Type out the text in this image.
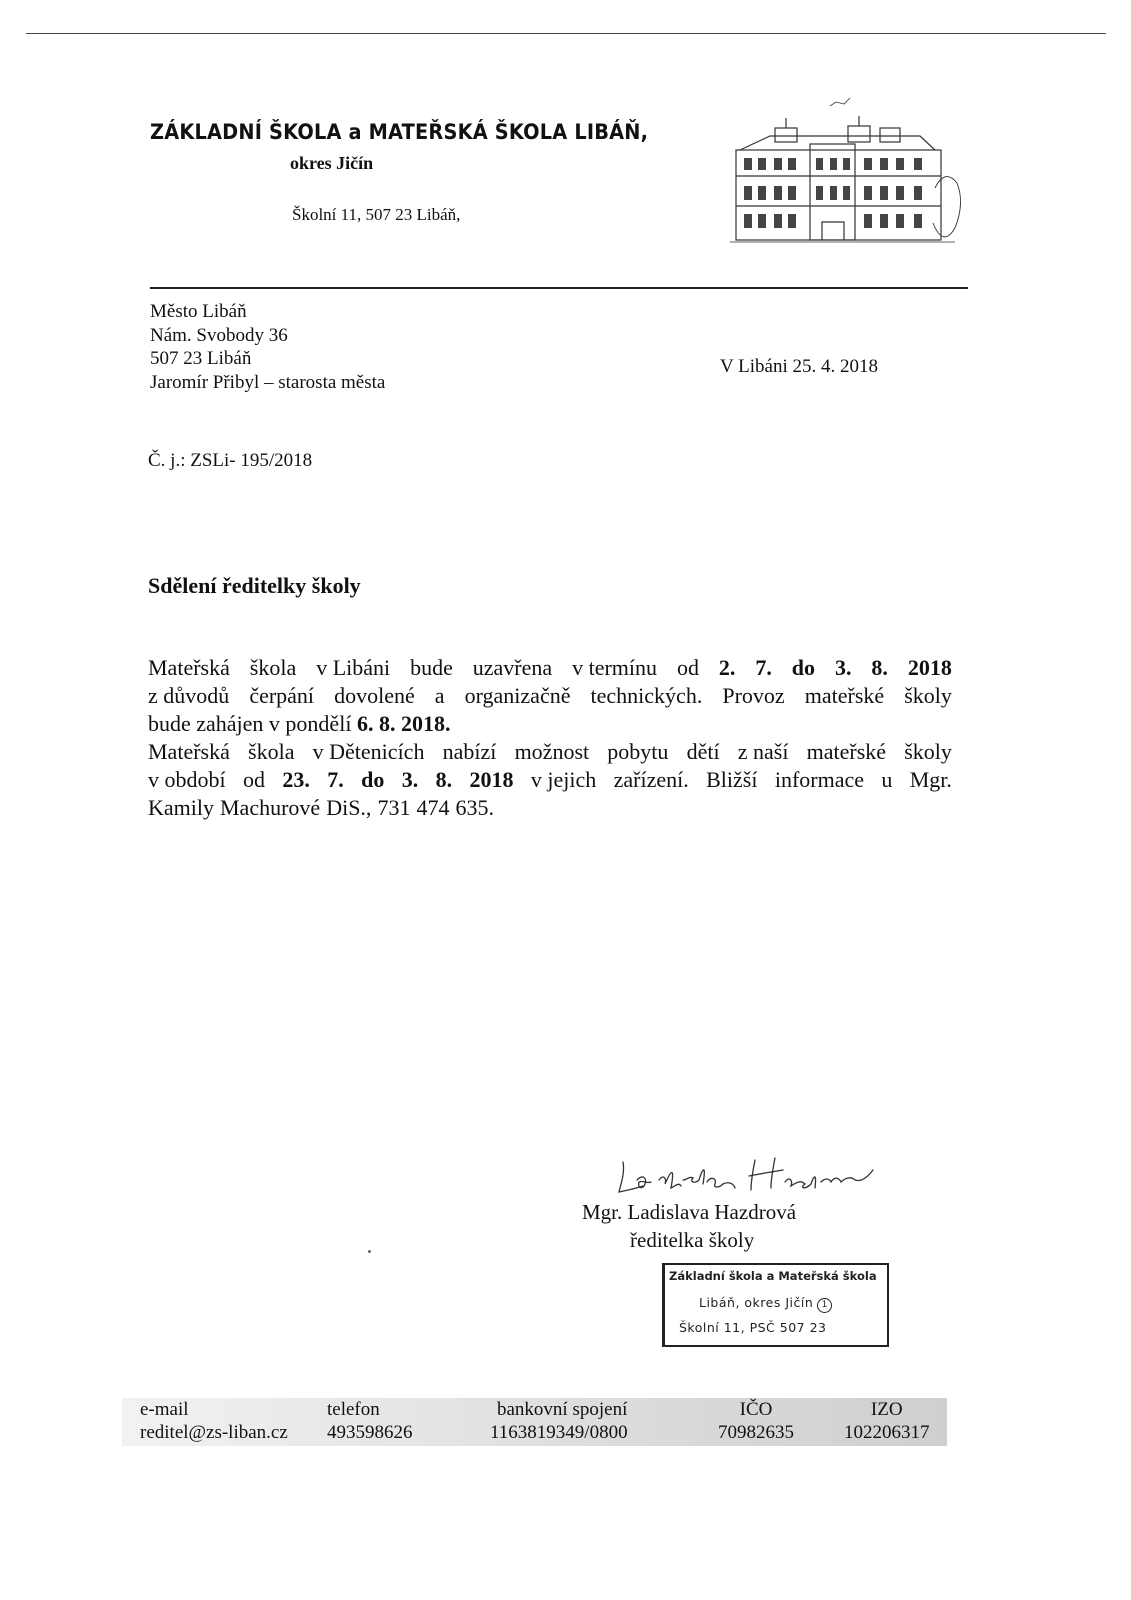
ZÁKLADNÍ ŠKOLA a MATEŘSKÁ ŠKOLA LIBÁŇ,
okres Jičín
Školní 11, 507 23 Libáň,
Město Libáň
Nám. Svobody 36
507 23 Libáň
Jaromír Přibyl – starosta města
V Libáni 25. 4. 2018
Č. j.: ZSLi- 195/2018
Sdělení ředitelky školy
Mateřská škola v Libáni bude uzavřena v termínu od 2. 7. do 3. 8. 2018
z důvodů čerpání dovolené a organizačně technických. Provoz mateřské školy
bude zahájen v pondělí 6. 8. 2018.
Mateřská škola v Dětenicích nabízí možnost pobytu dětí z naší mateřské školy
v období od 23. 7. do 3. 8. 2018 v jejich zařízení. Bližší informace u Mgr.
Kamily Machurové DiS., 731 474 635.
Ladislava Hazdrová
Mgr. Ladislava Hazdrová
ředitelka školy
Základní škola a Mateřská škola
Libáň, okres Jičín 1
Školní 11, PSČ 507 23
e-mail
reditel@zs-liban.cz
telefon
493598626
bankovní spojení
1163819349/0800
IČO
70982635
IZO
102206317
